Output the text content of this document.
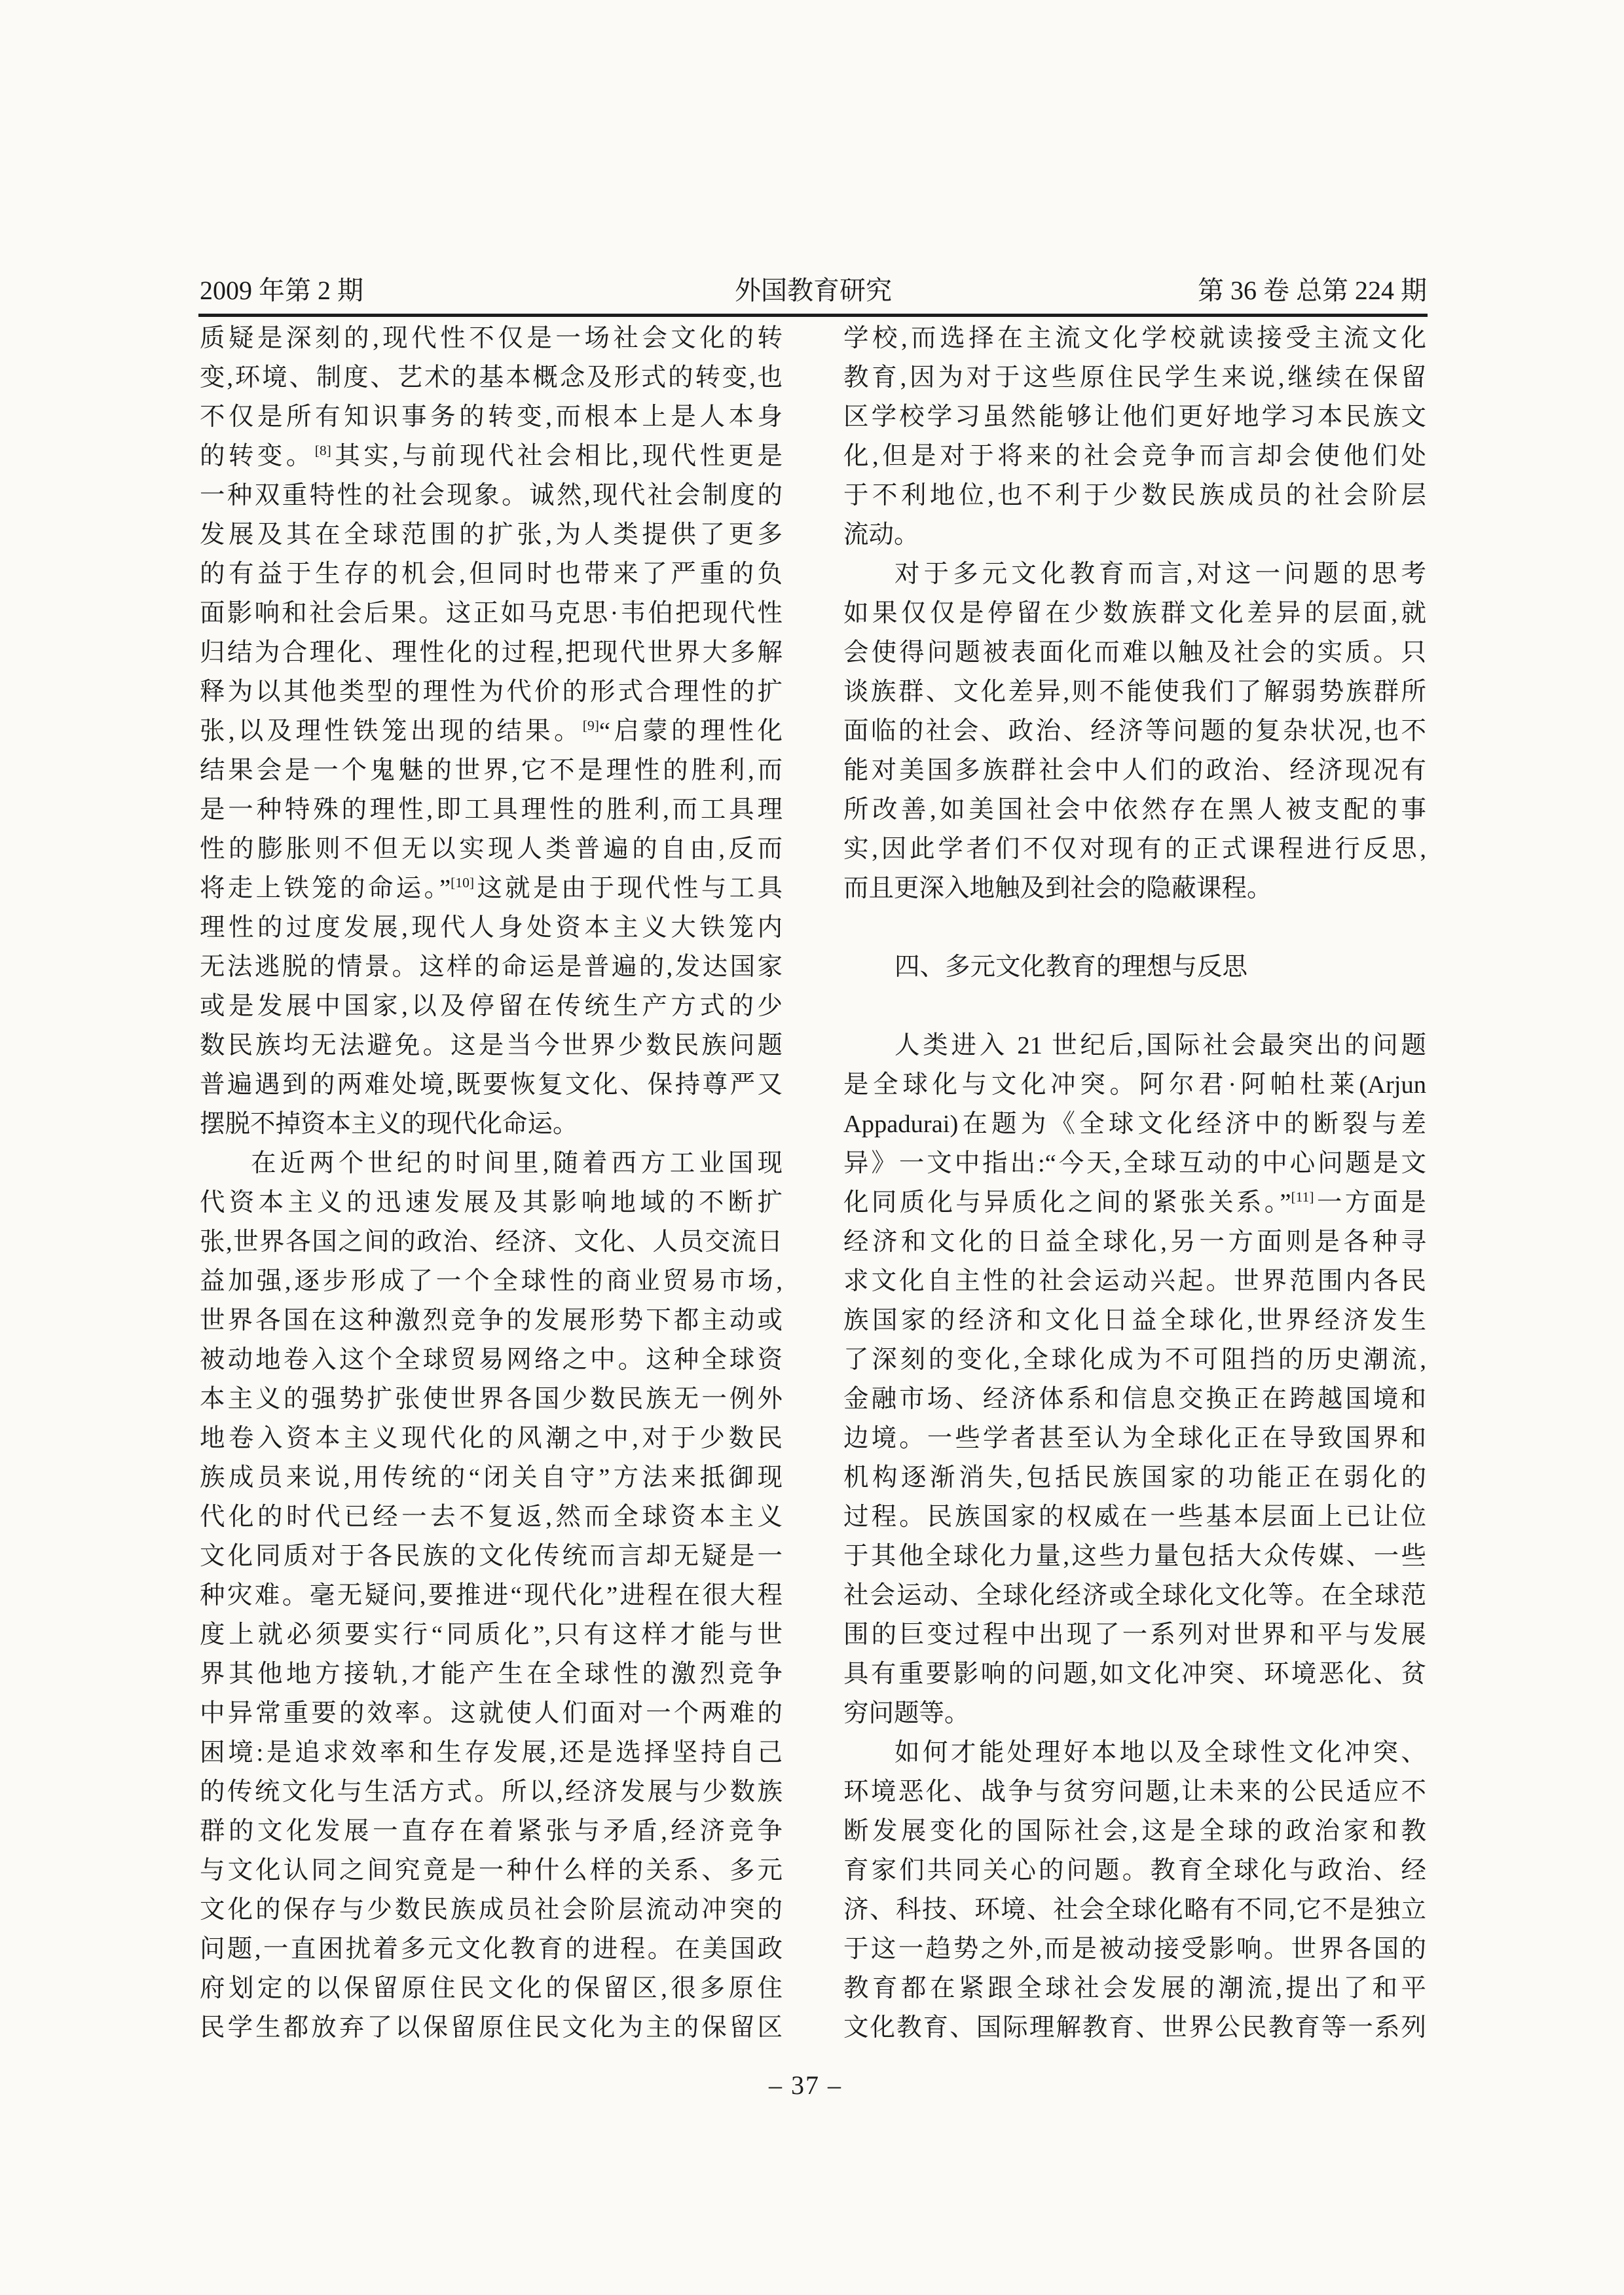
2009 年第 2 期	外国教育研究	第 36 卷 总第 224 期
质疑是深刻的,现代性不仅是一场社会文化的转
变,环境、制度、艺术的基本概念及形式的转变,也
不仅是所有知识事务的转变,而根本上是人本身
的转变。[8]其实,与前现代社会相比,现代性更是
一种双重特性的社会现象。诚然,现代社会制度的
发展及其在全球范围的扩张,为人类提供了更多
的有益于生存的机会,但同时也带来了严重的负
面影响和社会后果。这正如马克思·韦伯把现代性
归结为合理化、理性化的过程,把现代世界大多解
释为以其他类型的理性为代价的形式合理性的扩
张,以及理性铁笼出现的结果。[9]“启蒙的理性化
结果会是一个鬼魅的世界,它不是理性的胜利,而
是一种特殊的理性,即工具理性的胜利,而工具理
性的膨胀则不但无以实现人类普遍的自由,反而
将走上铁笼的命运。”[10]这就是由于现代性与工具
理性的过度发展,现代人身处资本主义大铁笼内
无法逃脱的情景。这样的命运是普遍的,发达国家
或是发展中国家,以及停留在传统生产方式的少
数民族均无法避免。这是当今世界少数民族问题
普遍遇到的两难处境,既要恢复文化、保持尊严又
摆脱不掉资本主义的现代化命运。
在近两个世纪的时间里,随着西方工业国现
代资本主义的迅速发展及其影响地域的不断扩
张,世界各国之间的政治、经济、文化、人员交流日
益加强,逐步形成了一个全球性的商业贸易市场,
世界各国在这种激烈竞争的发展形势下都主动或
被动地卷入这个全球贸易网络之中。这种全球资
本主义的强势扩张使世界各国少数民族无一例外
地卷入资本主义现代化的风潮之中,对于少数民
族成员来说,用传统的“闭关自守”方法来抵御现
代化的时代已经一去不复返,然而全球资本主义
文化同质对于各民族的文化传统而言却无疑是一
种灾难。毫无疑问,要推进“现代化”进程在很大程
度上就必须要实行“同质化”,只有这样才能与世
界其他地方接轨,才能产生在全球性的激烈竞争
中异常重要的效率。这就使人们面对一个两难的
困境:是追求效率和生存发展,还是选择坚持自己
的传统文化与生活方式。所以,经济发展与少数族
群的文化发展一直存在着紧张与矛盾,经济竞争
与文化认同之间究竟是一种什么样的关系、多元
文化的保存与少数民族成员社会阶层流动冲突的
问题,一直困扰着多元文化教育的进程。在美国政
府划定的以保留原住民文化的保留区,很多原住
民学生都放弃了以保留原住民文化为主的保留区
学校,而选择在主流文化学校就读接受主流文化
教育,因为对于这些原住民学生来说,继续在保留
区学校学习虽然能够让他们更好地学习本民族文
化,但是对于将来的社会竞争而言却会使他们处
于不利地位,也不利于少数民族成员的社会阶层
流动。
对于多元文化教育而言,对这一问题的思考
如果仅仅是停留在少数族群文化差异的层面,就
会使得问题被表面化而难以触及社会的实质。只
谈族群、文化差异,则不能使我们了解弱势族群所
面临的社会、政治、经济等问题的复杂状况,也不
能对美国多族群社会中人们的政治、经济现况有
所改善,如美国社会中依然存在黑人被支配的事
实,因此学者们不仅对现有的正式课程进行反思,
而且更深入地触及到社会的隐蔽课程。
四、多元文化教育的理想与反思
人类进入 21 世纪后,国际社会最突出的问题
是全球化与文化冲突。阿尔君·阿帕杜莱(Arjun
Appadurai)在题为《全球文化经济中的断裂与差
异》一文中指出:“今天,全球互动的中心问题是文
化同质化与异质化之间的紧张关系。”[11]一方面是
经济和文化的日益全球化,另一方面则是各种寻
求文化自主性的社会运动兴起。世界范围内各民
族国家的经济和文化日益全球化,世界经济发生
了深刻的变化,全球化成为不可阻挡的历史潮流,
金融市场、经济体系和信息交换正在跨越国境和
边境。一些学者甚至认为全球化正在导致国界和
机构逐渐消失,包括民族国家的功能正在弱化的
过程。民族国家的权威在一些基本层面上已让位
于其他全球化力量,这些力量包括大众传媒、一些
社会运动、全球化经济或全球化文化等。在全球范
围的巨变过程中出现了一系列对世界和平与发展
具有重要影响的问题,如文化冲突、环境恶化、贫
穷问题等。
如何才能处理好本地以及全球性文化冲突、
环境恶化、战争与贫穷问题,让未来的公民适应不
断发展变化的国际社会,这是全球的政治家和教
育家们共同关心的问题。教育全球化与政治、经
济、科技、环境、社会全球化略有不同,它不是独立
于这一趋势之外,而是被动接受影响。世界各国的
教育都在紧跟全球社会发展的潮流,提出了和平
文化教育、国际理解教育、世界公民教育等一系列
– 37 –
